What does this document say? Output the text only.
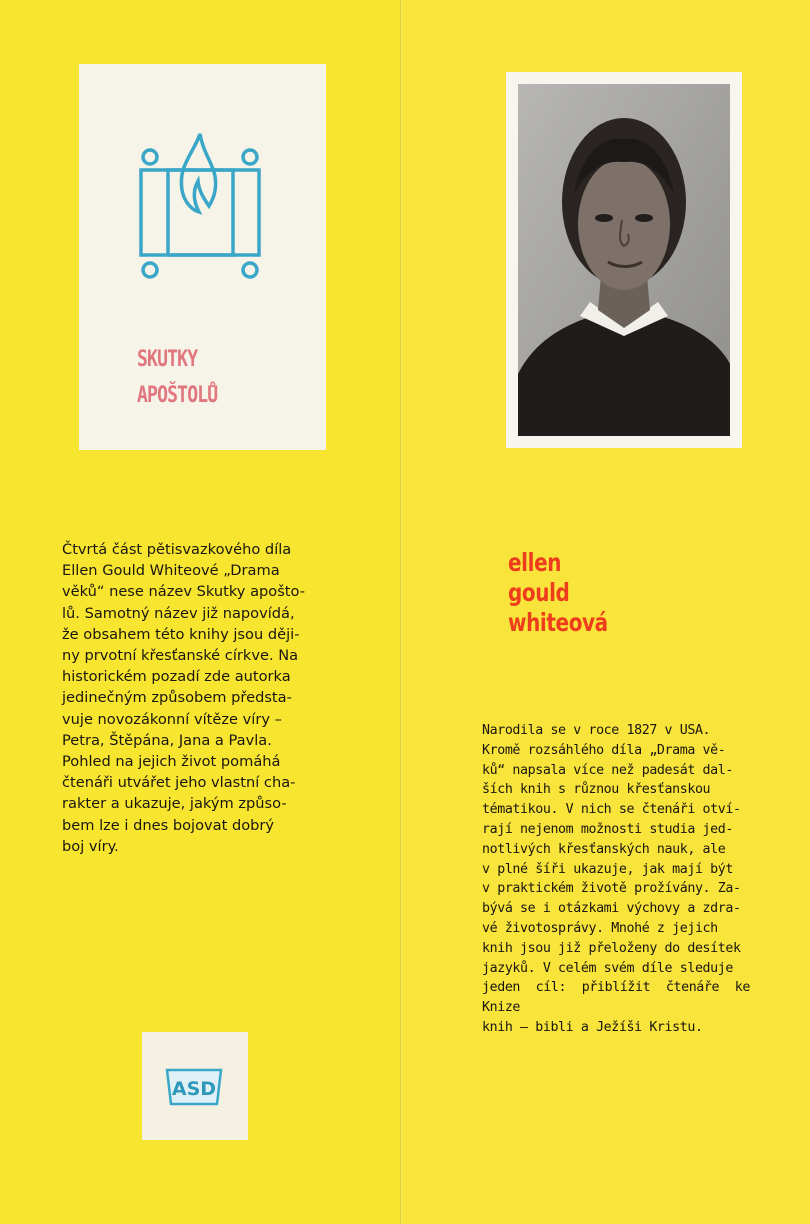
SKUTKY
APOŠTOLŮ
Čtvrtá část pětisvazkového díla
Ellen Gould Whiteové „Drama
věků“ nese název Skutky apošto-
lů. Samotný název již napovídá,
že obsahem této knihy jsou ději-
ny prvotní křesťanské církve. Na
historickém pozadí zde autorka
jedinečným způsobem předsta-
vuje novozákonní vítěze víry –
Petra, Štěpána, Jana a Pavla.
Pohled na jejich život pomáhá
čtenáři utvářet jeho vlastní cha-
rakter a ukazuje, jakým způso-
bem lze i dnes bojovat dobrý
boj víry.
ASD
ellen
gould
whiteová
Narodila se v roce 1827 v USA.
Kromě rozsáhlého díla „Drama vě-
ků“ napsala více než padesát dal-
ších knih s různou křesťanskou
tématikou. V nich se čtenáři otví-
rají nejenom možnosti studia jed-
notlivých křesťanských nauk, ale
v plné šíři ukazuje, jak mají být
v praktickém životě prožívány. Za-
bývá se i otázkami výchovy a zdra-
vé životosprávy. Mnohé z jejich
knih jsou již přeloženy do desítek
jazyků. V celém svém díle sleduje
jeden cíl: přiblížit čtenáře ke Knize
knih — bibli a Ježíši Kristu.
